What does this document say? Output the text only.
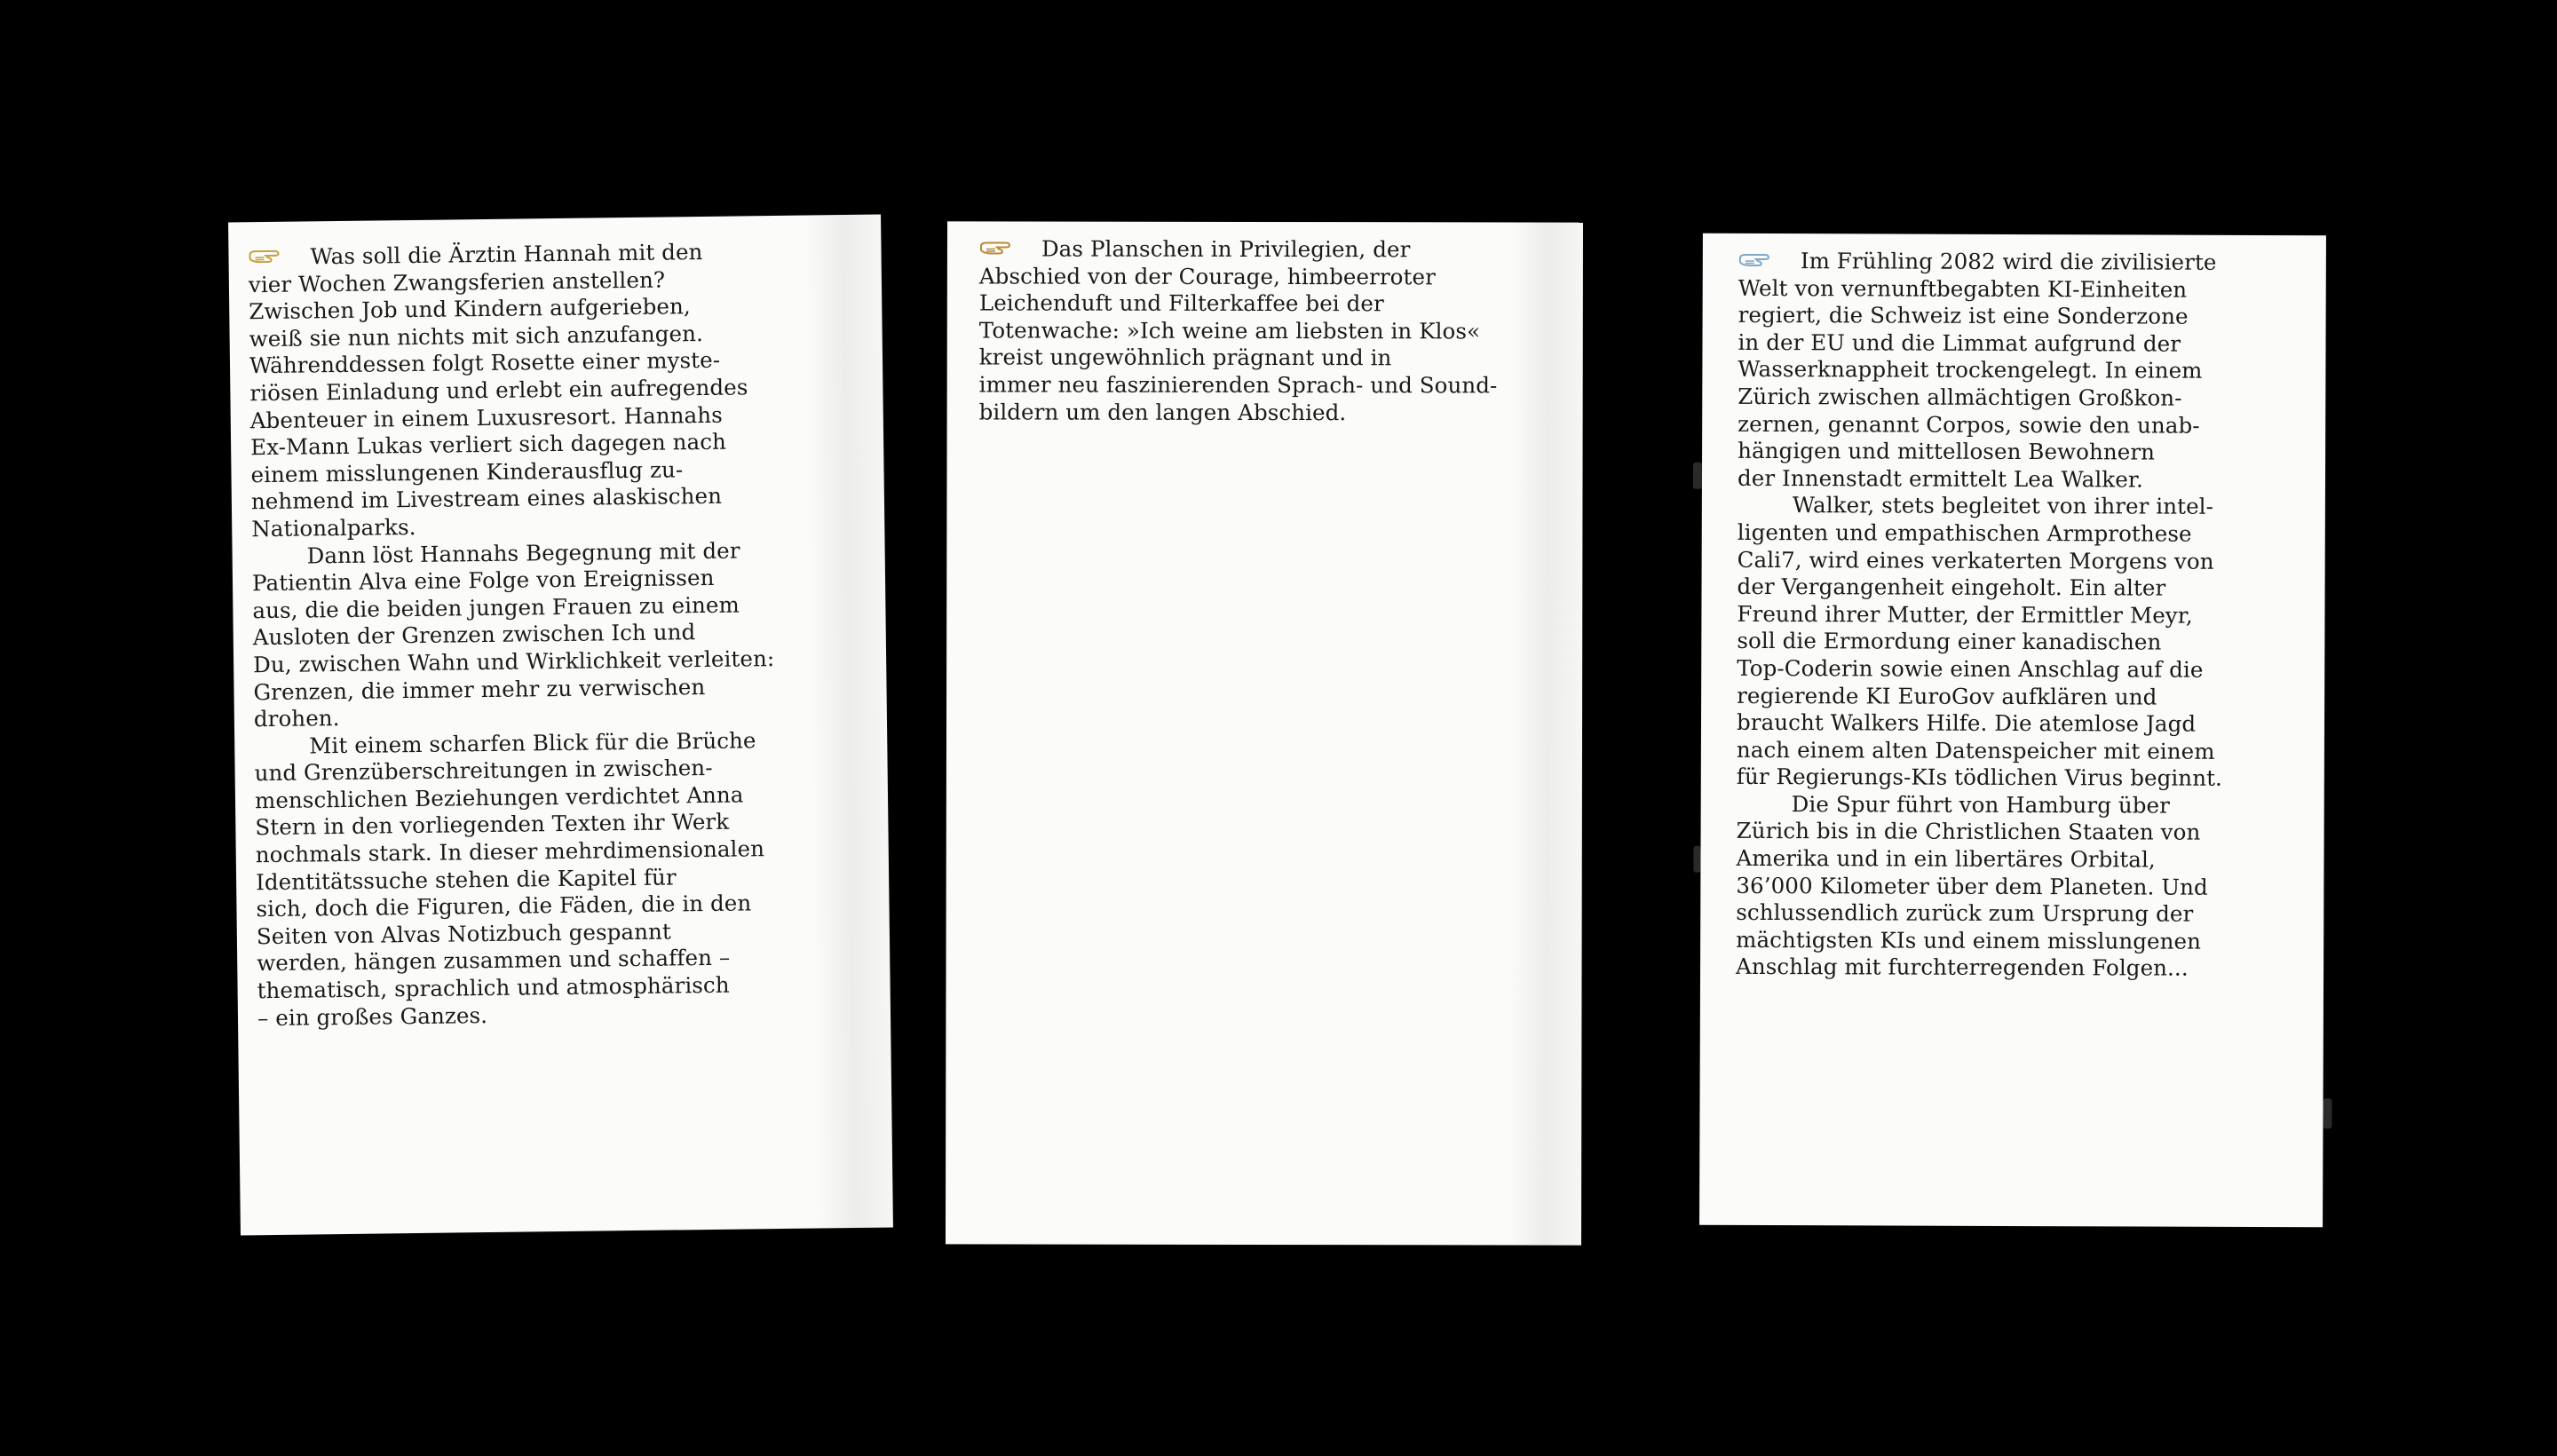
Was soll die Ärztin Hannah mit den
vier Wochen Zwangsferien anstellen?
Zwischen Job und Kindern aufgerieben,
weiß sie nun nichts mit sich anzufangen.
Währenddessen folgt Rosette einer myste-
riösen Einladung und erlebt ein aufregendes
Abenteuer in einem Luxusresort. Hannahs
Ex-Mann Lukas verliert sich dagegen nach
einem misslungenen Kinderausflug zu-
nehmend im Livestream eines alaskischen
Nationalparks.

Dann löst Hannahs Begegnung mit der
Patientin Alva eine Folge von Ereignissen
aus, die die beiden jungen Frauen zu einem
Ausloten der Grenzen zwischen Ich und
Du, zwischen Wahn und Wirklichkeit verleiten:
Grenzen, die immer mehr zu verwischen
drohen.

Mit einem scharfen Blick für die Brüche
und Grenzüberschreitungen in zwischen-
menschlichen Beziehungen verdichtet Anna
Stern in den vorliegenden Texten ihr Werk
nochmals stark. In dieser mehrdimensionalen
Identitätssuche stehen die Kapitel für
sich, doch die Figuren, die Fäden, die in den
Seiten von Alvas Notizbuch gespannt
werden, hängen zusammen und schaffen –
thematisch, sprachlich und atmosphärisch
– ein großes Ganzes.

Das Planschen in Privilegien, der
Abschied von der Courage, himbeerroter
Leichenduft und Filterkaffee bei der
Totenwache: »Ich weine am liebsten in Klos«
kreist ungewöhnlich prägnant und in
immer neu faszinierenden Sprach- und Sound-
bildern um den langen Abschied.

Im Frühling 2082 wird die zivilisierte
Welt von vernunftbegabten KI-Einheiten
regiert, die Schweiz ist eine Sonderzone
in der EU und die Limmat aufgrund der
Wasserknappheit trockengelegt. In einem
Zürich zwischen allmächtigen Großkon-
zernen, genannt Corpos, sowie den unab-
hängigen und mittellosen Bewohnern
der Innenstadt ermittelt Lea Walker.

Walker, stets begleitet von ihrer intel-
ligenten und empathischen Armprothese
Cali7, wird eines verkaterten Morgens von
der Vergangenheit eingeholt. Ein alter
Freund ihrer Mutter, der Ermittler Meyr,
soll die Ermordung einer kanadischen
Top-Coderin sowie einen Anschlag auf die
regierende KI EuroGov aufklären und
braucht Walkers Hilfe. Die atemlose Jagd
nach einem alten Datenspeicher mit einem
für Regierungs-KIs tödlichen Virus beginnt.

Die Spur führt von Hamburg über
Zürich bis in die Christlichen Staaten von
Amerika und in ein libertäres Orbital,
36’000 Kilometer über dem Planeten. Und
schlussendlich zurück zum Ursprung der
mächtigsten KIs und einem misslungenen
Anschlag mit furchterregenden Folgen...
